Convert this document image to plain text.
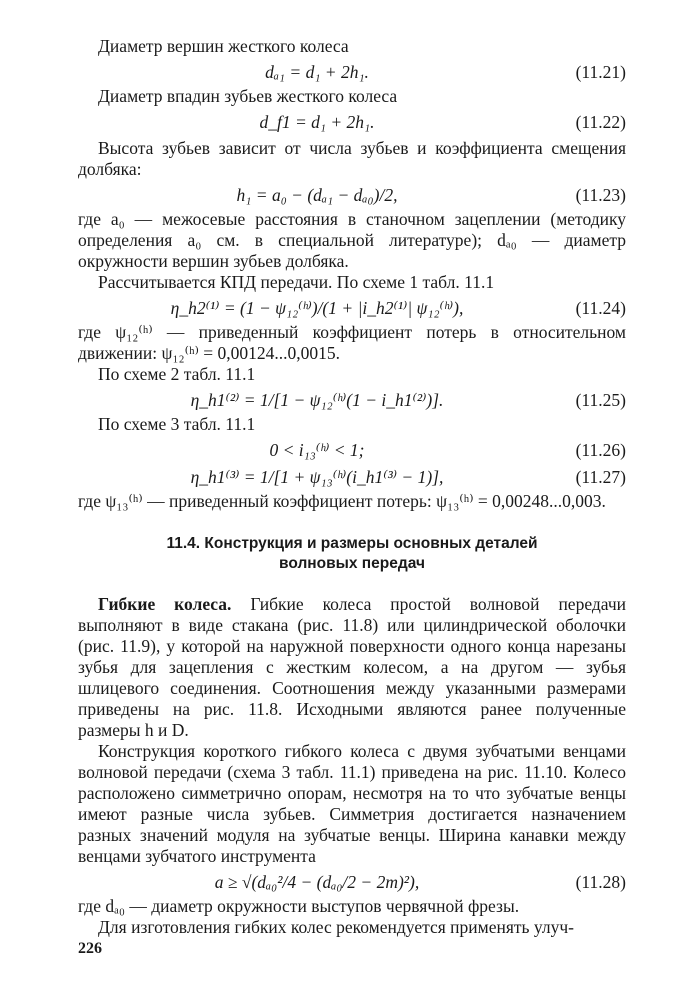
Диаметр вершин жесткого колеса

dₐ₁ = d₁ + 2h₁.	(11.21)

Диаметр впадин зубьев жесткого колеса

d_f1 = d₁ + 2h₁.	(11.22)

Высота зубьев зависит от числа зубьев и коэффициента смещения долбяка:

h₁ = a₀ − (dₐ₁ − dₐ₀)/2,	(11.23)

где a₀ — межосевые расстояния в станочном зацеплении (методику определения a₀ см. в специальной литературе); dₐ₀ — диаметр окружности вершин зубьев долбяка.

Рассчитывается КПД передачи. По схеме 1 табл. 11.1

η_h2⁽¹⁾ = (1 − ψ₁₂⁽ʰ⁾)/(1 + |i_h2⁽¹⁾| ψ₁₂⁽ʰ⁾),	(11.24)

где ψ₁₂⁽ʰ⁾ — приведенный коэффициент потерь в относительном движении: ψ₁₂⁽ʰ⁾ = 0,00124...0,0015.

По схеме 2 табл. 11.1

η_h1⁽²⁾ = 1/[1 − ψ₁₂⁽ʰ⁾(1 − i_h1⁽²⁾)].	(11.25)

По схеме 3 табл. 11.1

0 < i₁₃⁽ʰ⁾ < 1;	(11.26)
η_h1⁽³⁾ = 1/[1 + ψ₁₃⁽ʰ⁾(i_h1⁽³⁾ − 1)],	(11.27)

где ψ₁₃⁽ʰ⁾ — приведенный коэффициент потерь: ψ₁₃⁽ʰ⁾ = 0,00248...0,003.

11.4. Конструкция и размеры основных деталей
волновых передач

Гибкие колеса. Гибкие колеса простой волновой передачи выполняют в виде стакана (рис. 11.8) или цилиндрической оболочки (рис. 11.9), у которой на наружной поверхности одного конца нарезаны зубья для зацепления с жестким колесом, а на другом — зубья шлицевого соединения. Соотношения между указанными размерами приведены на рис. 11.8. Исходными являются ранее полученные размеры h и D.

Конструкция короткого гибкого колеса с двумя зубчатыми венцами волновой передачи (схема 3 табл. 11.1) приведена на рис. 11.10. Колесо расположено симметрично опорам, несмотря на то что зубчатые венцы имеют разные числа зубьев. Симметрия достигается назначением разных значений модуля на зубчатые венцы. Ширина канавки между венцами зубчатого инструмента

a ≥ √(dₐ₀²/4 − (dₐ₀/2 − 2m)²),	(11.28)

где dₐ₀ — диаметр окружности выступов червячной фрезы.

Для изготовления гибких колес рекомендуется применять улуч-

226
